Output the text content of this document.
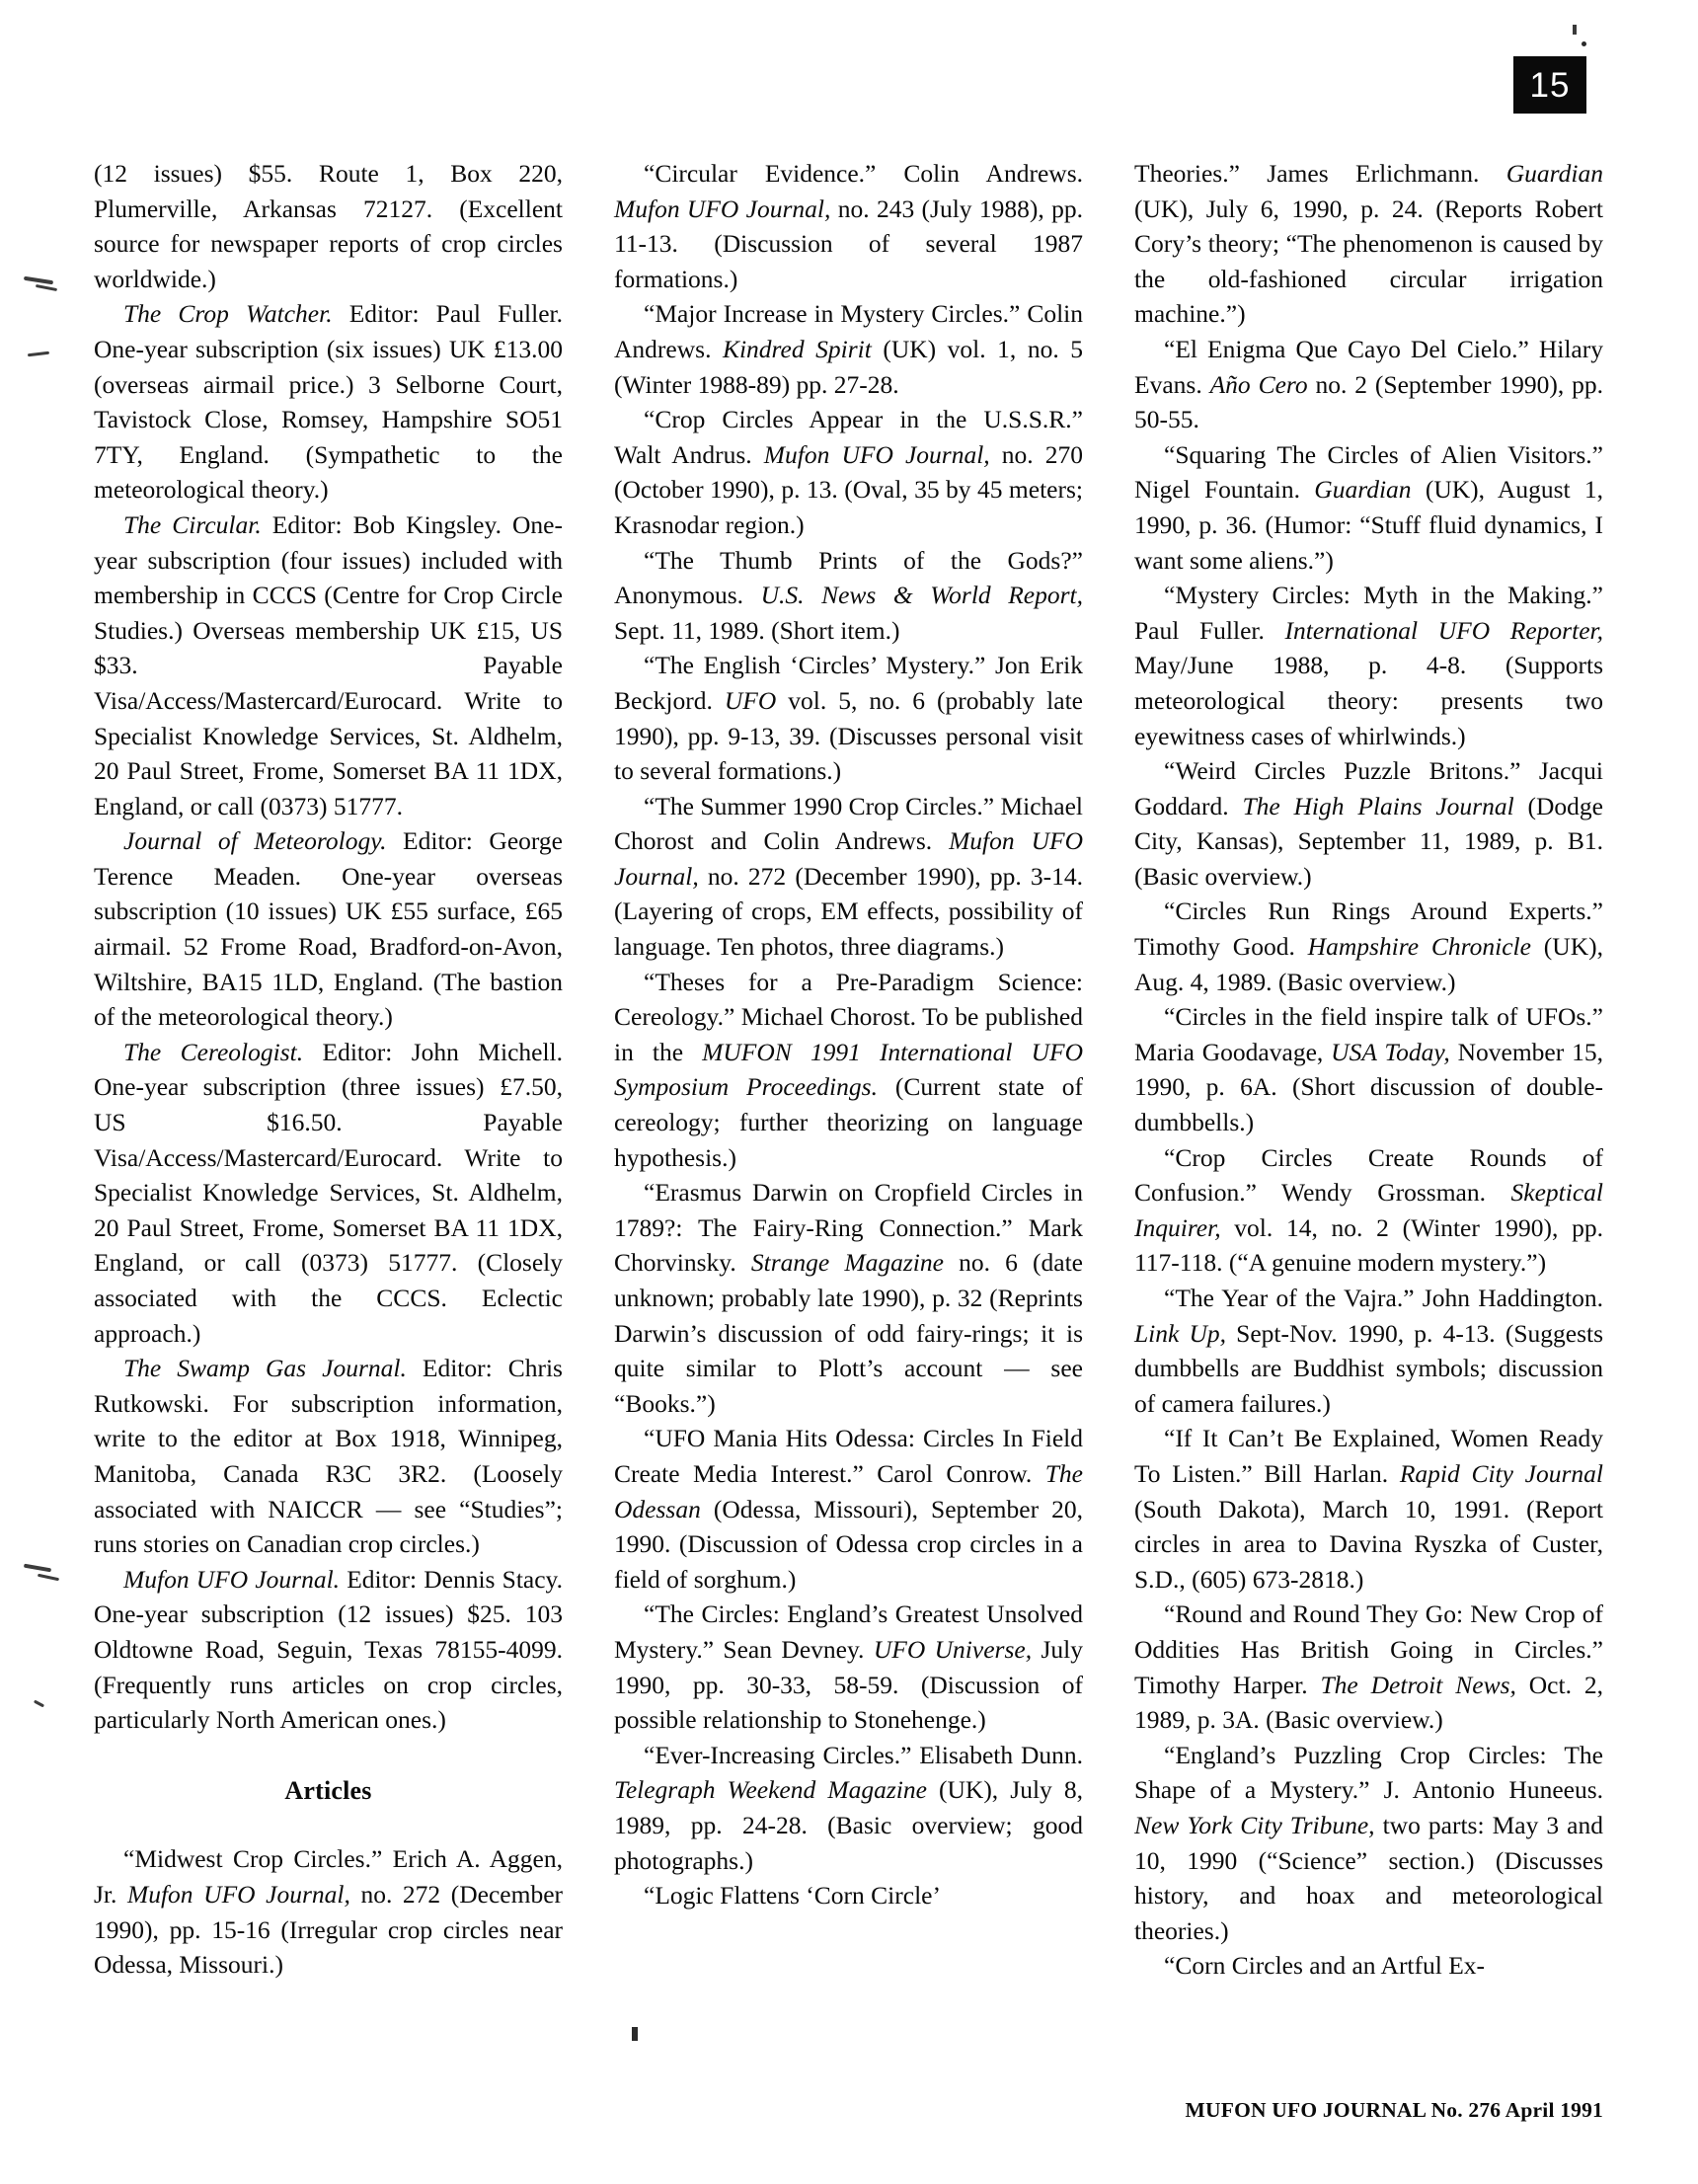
15

(12 issues) $55. Route 1, Box 220, Plumerville, Arkansas 72127. (Excellent source for newspaper reports of crop circles worldwide.)

The Crop Watcher. Editor: Paul Fuller. One-year subscription (six issues) UK £13.00 (overseas airmail price.) 3 Selborne Court, Tavistock Close, Romsey, Hampshire SO51 7TY, England. (Sympathetic to the meteorological theory.)

The Circular. Editor: Bob Kingsley. One-year subscription (four issues) included with membership in CCCS (Centre for Crop Circle Studies.) Overseas membership UK £15, US $33. Payable Visa/Access/Mastercard/Eurocard. Write to Specialist Knowledge Services, St. Aldhelm, 20 Paul Street, Frome, Somerset BA 11 1DX, England, or call (0373) 51777.

Journal of Meteorology. Editor: George Terence Meaden. One-year overseas subscription (10 issues) UK £55 surface, £65 airmail. 52 Frome Road, Bradford-on-Avon, Wiltshire, BA15 1LD, England. (The bastion of the meteorological theory.)

The Cereologist. Editor: John Michell. One-year subscription (three issues) £7.50, US $16.50. Payable Visa/Access/Mastercard/Eurocard. Write to Specialist Knowledge Services, St. Aldhelm, 20 Paul Street, Frome, Somerset BA 11 1DX, England, or call (0373) 51777. (Closely associated with the CCCS. Eclectic approach.)

The Swamp Gas Journal. Editor: Chris Rutkowski. For subscription information, write to the editor at Box 1918, Winnipeg, Manitoba, Canada R3C 3R2. (Loosely associated with NAICCR — see “Studies”; runs stories on Canadian crop circles.)

Mufon UFO Journal. Editor: Dennis Stacy. One-year subscription (12 issues) $25. 103 Oldtowne Road, Seguin, Texas 78155-4099. (Frequently runs articles on crop circles, particularly North American ones.)

Articles

“Midwest Crop Circles.” Erich A. Aggen, Jr. Mufon UFO Journal, no. 272 (December 1990), pp. 15-16 (Irregular crop circles near Odessa, Missouri.)

“Circular Evidence.” Colin Andrews. Mufon UFO Journal, no. 243 (July 1988), pp. 11-13. (Discussion of several 1987 formations.)

“Major Increase in Mystery Circles.” Colin Andrews. Kindred Spirit (UK) vol. 1, no. 5 (Winter 1988-89) pp. 27-28.

“Crop Circles Appear in the U.S.S.R.” Walt Andrus. Mufon UFO Journal, no. 270 (October 1990), p. 13. (Oval, 35 by 45 meters; Krasnodar region.)

“The Thumb Prints of the Gods?” Anonymous. U.S. News & World Report, Sept. 11, 1989. (Short item.)

“The English ‘Circles’ Mystery.” Jon Erik Beckjord. UFO vol. 5, no. 6 (probably late 1990), pp. 9-13, 39. (Discusses personal visit to several formations.)

“The Summer 1990 Crop Circles.” Michael Chorost and Colin Andrews. Mufon UFO Journal, no. 272 (December 1990), pp. 3-14. (Layering of crops, EM effects, possibility of language. Ten photos, three diagrams.)

“Theses for a Pre-Paradigm Science: Cereology.” Michael Chorost. To be published in the MUFON 1991 International UFO Symposium Proceedings. (Current state of cereology; further theorizing on language hypothesis.)

“Erasmus Darwin on Cropfield Circles in 1789?: The Fairy-Ring Connection.” Mark Chorvinsky. Strange Magazine no. 6 (date unknown; probably late 1990), p. 32 (Reprints Darwin’s discussion of odd fairy-rings; it is quite similar to Plott’s account — see “Books.”)

“UFO Mania Hits Odessa: Circles In Field Create Media Interest.” Carol Conrow. The Odessan (Odessa, Missouri), September 20, 1990. (Discussion of Odessa crop circles in a field of sorghum.)

“The Circles: England’s Greatest Unsolved Mystery.” Sean Devney. UFO Universe, July 1990, pp. 30-33, 58-59. (Discussion of possible relationship to Stonehenge.)

“Ever-Increasing Circles.” Elisabeth Dunn. Telegraph Weekend Magazine (UK), July 8, 1989, pp. 24-28. (Basic overview; good photographs.)

“Logic Flattens ‘Corn Circle’

Theories.” James Erlichmann. Guardian (UK), July 6, 1990, p. 24. (Reports Robert Cory’s theory; “The phenomenon is caused by the old-fashioned circular irrigation machine.”)

“El Enigma Que Cayo Del Cielo.” Hilary Evans. Año Cero no. 2 (September 1990), pp. 50-55.

“Squaring The Circles of Alien Visitors.” Nigel Fountain. Guardian (UK), August 1, 1990, p. 36. (Humor: “Stuff fluid dynamics, I want some aliens.”)

“Mystery Circles: Myth in the Making.” Paul Fuller. International UFO Reporter, May/June 1988, p. 4-8. (Supports meteorological theory: presents two eyewitness cases of whirlwinds.)

“Weird Circles Puzzle Britons.” Jacqui Goddard. The High Plains Journal (Dodge City, Kansas), September 11, 1989, p. B1. (Basic overview.)

“Circles Run Rings Around Experts.” Timothy Good. Hampshire Chronicle (UK), Aug. 4, 1989. (Basic overview.)

“Circles in the field inspire talk of UFOs.” Maria Goodavage, USA Today, November 15, 1990, p. 6A. (Short discussion of double-dumbbells.)

“Crop Circles Create Rounds of Confusion.” Wendy Grossman. Skeptical Inquirer, vol. 14, no. 2 (Winter 1990), pp. 117-118. (“A genuine modern mystery.”)

“The Year of the Vajra.” John Haddington. Link Up, Sept-Nov. 1990, p. 4-13. (Suggests dumbbells are Buddhist symbols; discussion of camera failures.)

“If It Can’t Be Explained, Women Ready To Listen.” Bill Harlan. Rapid City Journal (South Dakota), March 10, 1991. (Report circles in area to Davina Ryszka of Custer, S.D., (605) 673-2818.)

“Round and Round They Go: New Crop of Oddities Has British Going in Circles.” Timothy Harper. The Detroit News, Oct. 2, 1989, p. 3A. (Basic overview.)

“England’s Puzzling Crop Circles: The Shape of a Mystery.” J. Antonio Huneeus. New York City Tribune, two parts: May 3 and 10, 1990 (“Science” section.) (Discusses history, and hoax and meteorological theories.)

“Corn Circles and an Artful Ex-

MUFON UFO JOURNAL No. 276 April 1991
